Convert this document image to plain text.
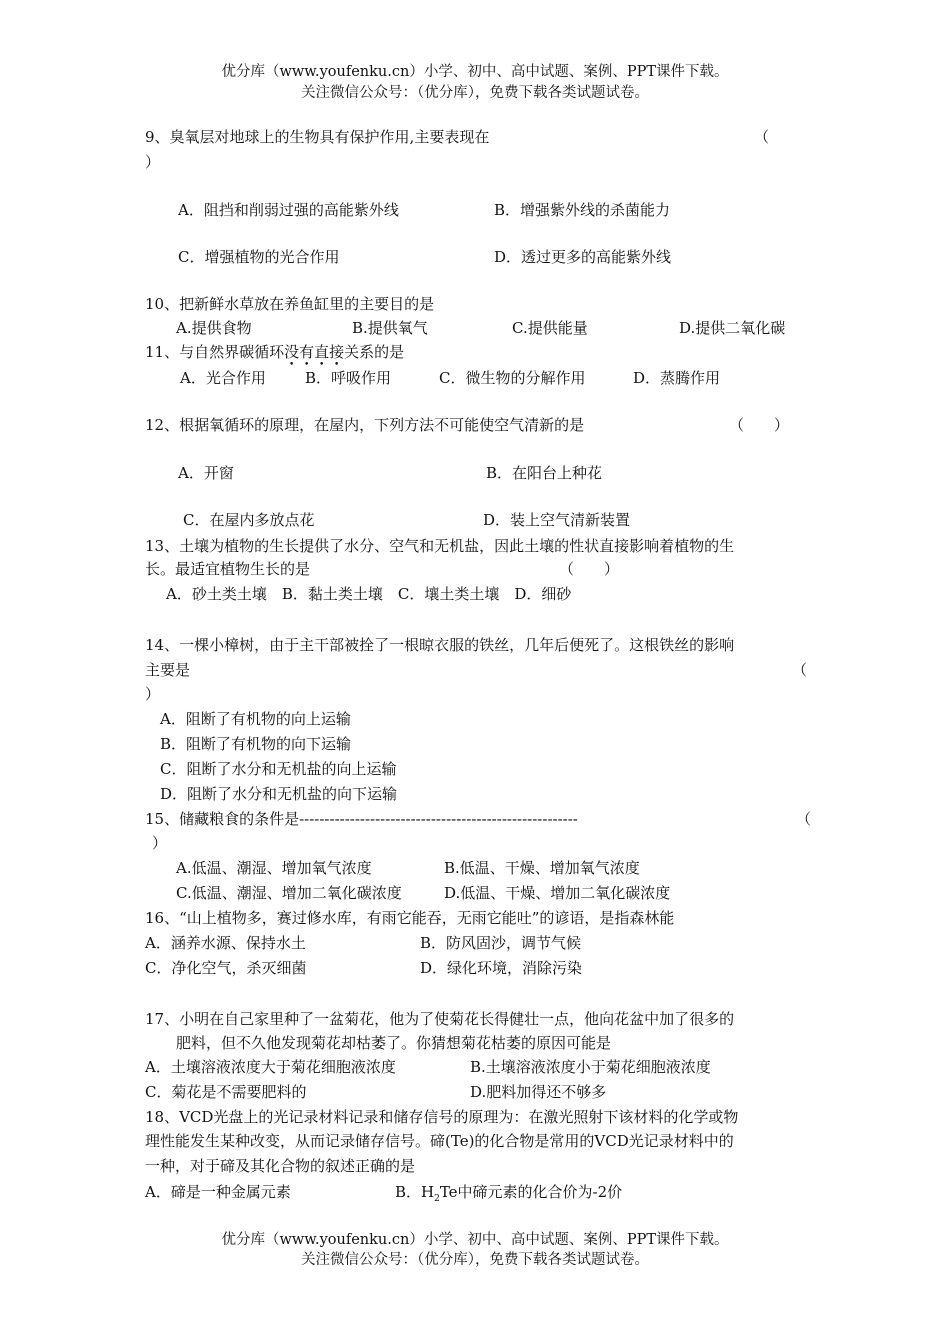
优分库（www.youfenku.cn）小学、初中、高中试题、案例、PPT课件下载。
关注微信公众号：（优分库），免费下载各类试题试卷。
9、臭氧层对地球上的生物具有保护作用,主要表现在	（
）
A．阻挡和削弱过强的高能紫外线	B．增强紫外线的杀菌能力
C．增强植物的光合作用	D．透过更多的高能紫外线
10、把新鲜水草放在养鱼缸里的主要目的是
A.提供食物	B.提供氧气	C.提供能量	D.提供二氧化碳
11、与自然界碳循环没有直接关系的是
A．光合作用	B．呼吸作用	C．微生物的分解作用	D．蒸腾作用
12、根据氧循环的原理，在屋内，下列方法不可能使空气清新的是	（　　）
A．开窗	B．在阳台上种花
C．在屋内多放点花	D．装上空气清新装置
13、土壤为植物的生长提供了水分、空气和无机盐，因此土壤的性状直接影响着植物的生
长。最适宜植物生长的是	（　　）
A．砂土类土壤　B．黏土类土壤　C．壤土类土壤　D．细砂
14、一棵小樟树，由于主干部被拴了一根晾衣服的铁丝，几年后便死了。这根铁丝的影响
主要是	（
）
A．阻断了有机物的向上运输
B．阻断了有机物的向下运输
C．阻断了水分和无机盐的向上运输
D．阻断了水分和无机盐的向下运输
15、储藏粮食的条件是-------------------------------------------------------	（
）
A.低温、潮湿、增加氧气浓度	B.低温、干燥、增加氧气浓度
C.低温、潮湿、增加二氧化碳浓度	D.低温、干燥、增加二氧化碳浓度
16、“山上植物多，赛过修水库，有雨它能吞，无雨它能吐”的谚语，是指森林能
A．涵养水源、保持水土	B．防风固沙，调节气候
C．净化空气，杀灭细菌	D．绿化环境，消除污染
17、小明在自己家里种了一盆菊花，他为了使菊花长得健壮一点，他向花盆中加了很多的
肥料，但不久他发现菊花却枯萎了。你猜想菊花枯萎的原因可能是
A．土壤溶液浓度大于菊花细胞液浓度	B.土壤溶液浓度小于菊花细胞液浓度
C．菊花是不需要肥料的	D.肥料加得还不够多
18、VCD光盘上的光记录材料记录和储存信号的原理为：在激光照射下该材料的化学或物
理性能发生某种改变，从而记录储存信号。碲(Te)的化合物是常用的VCD光记录材料中的
一种，对于碲及其化合物的叙述正确的是
A．碲是一种金属元素	B．$H_2Te$中碲元素的化合价为-2价
优分库（www.youfenku.cn）小学、初中、高中试题、案例、PPT课件下载。
关注微信公众号：（优分库），免费下载各类试题试卷。
